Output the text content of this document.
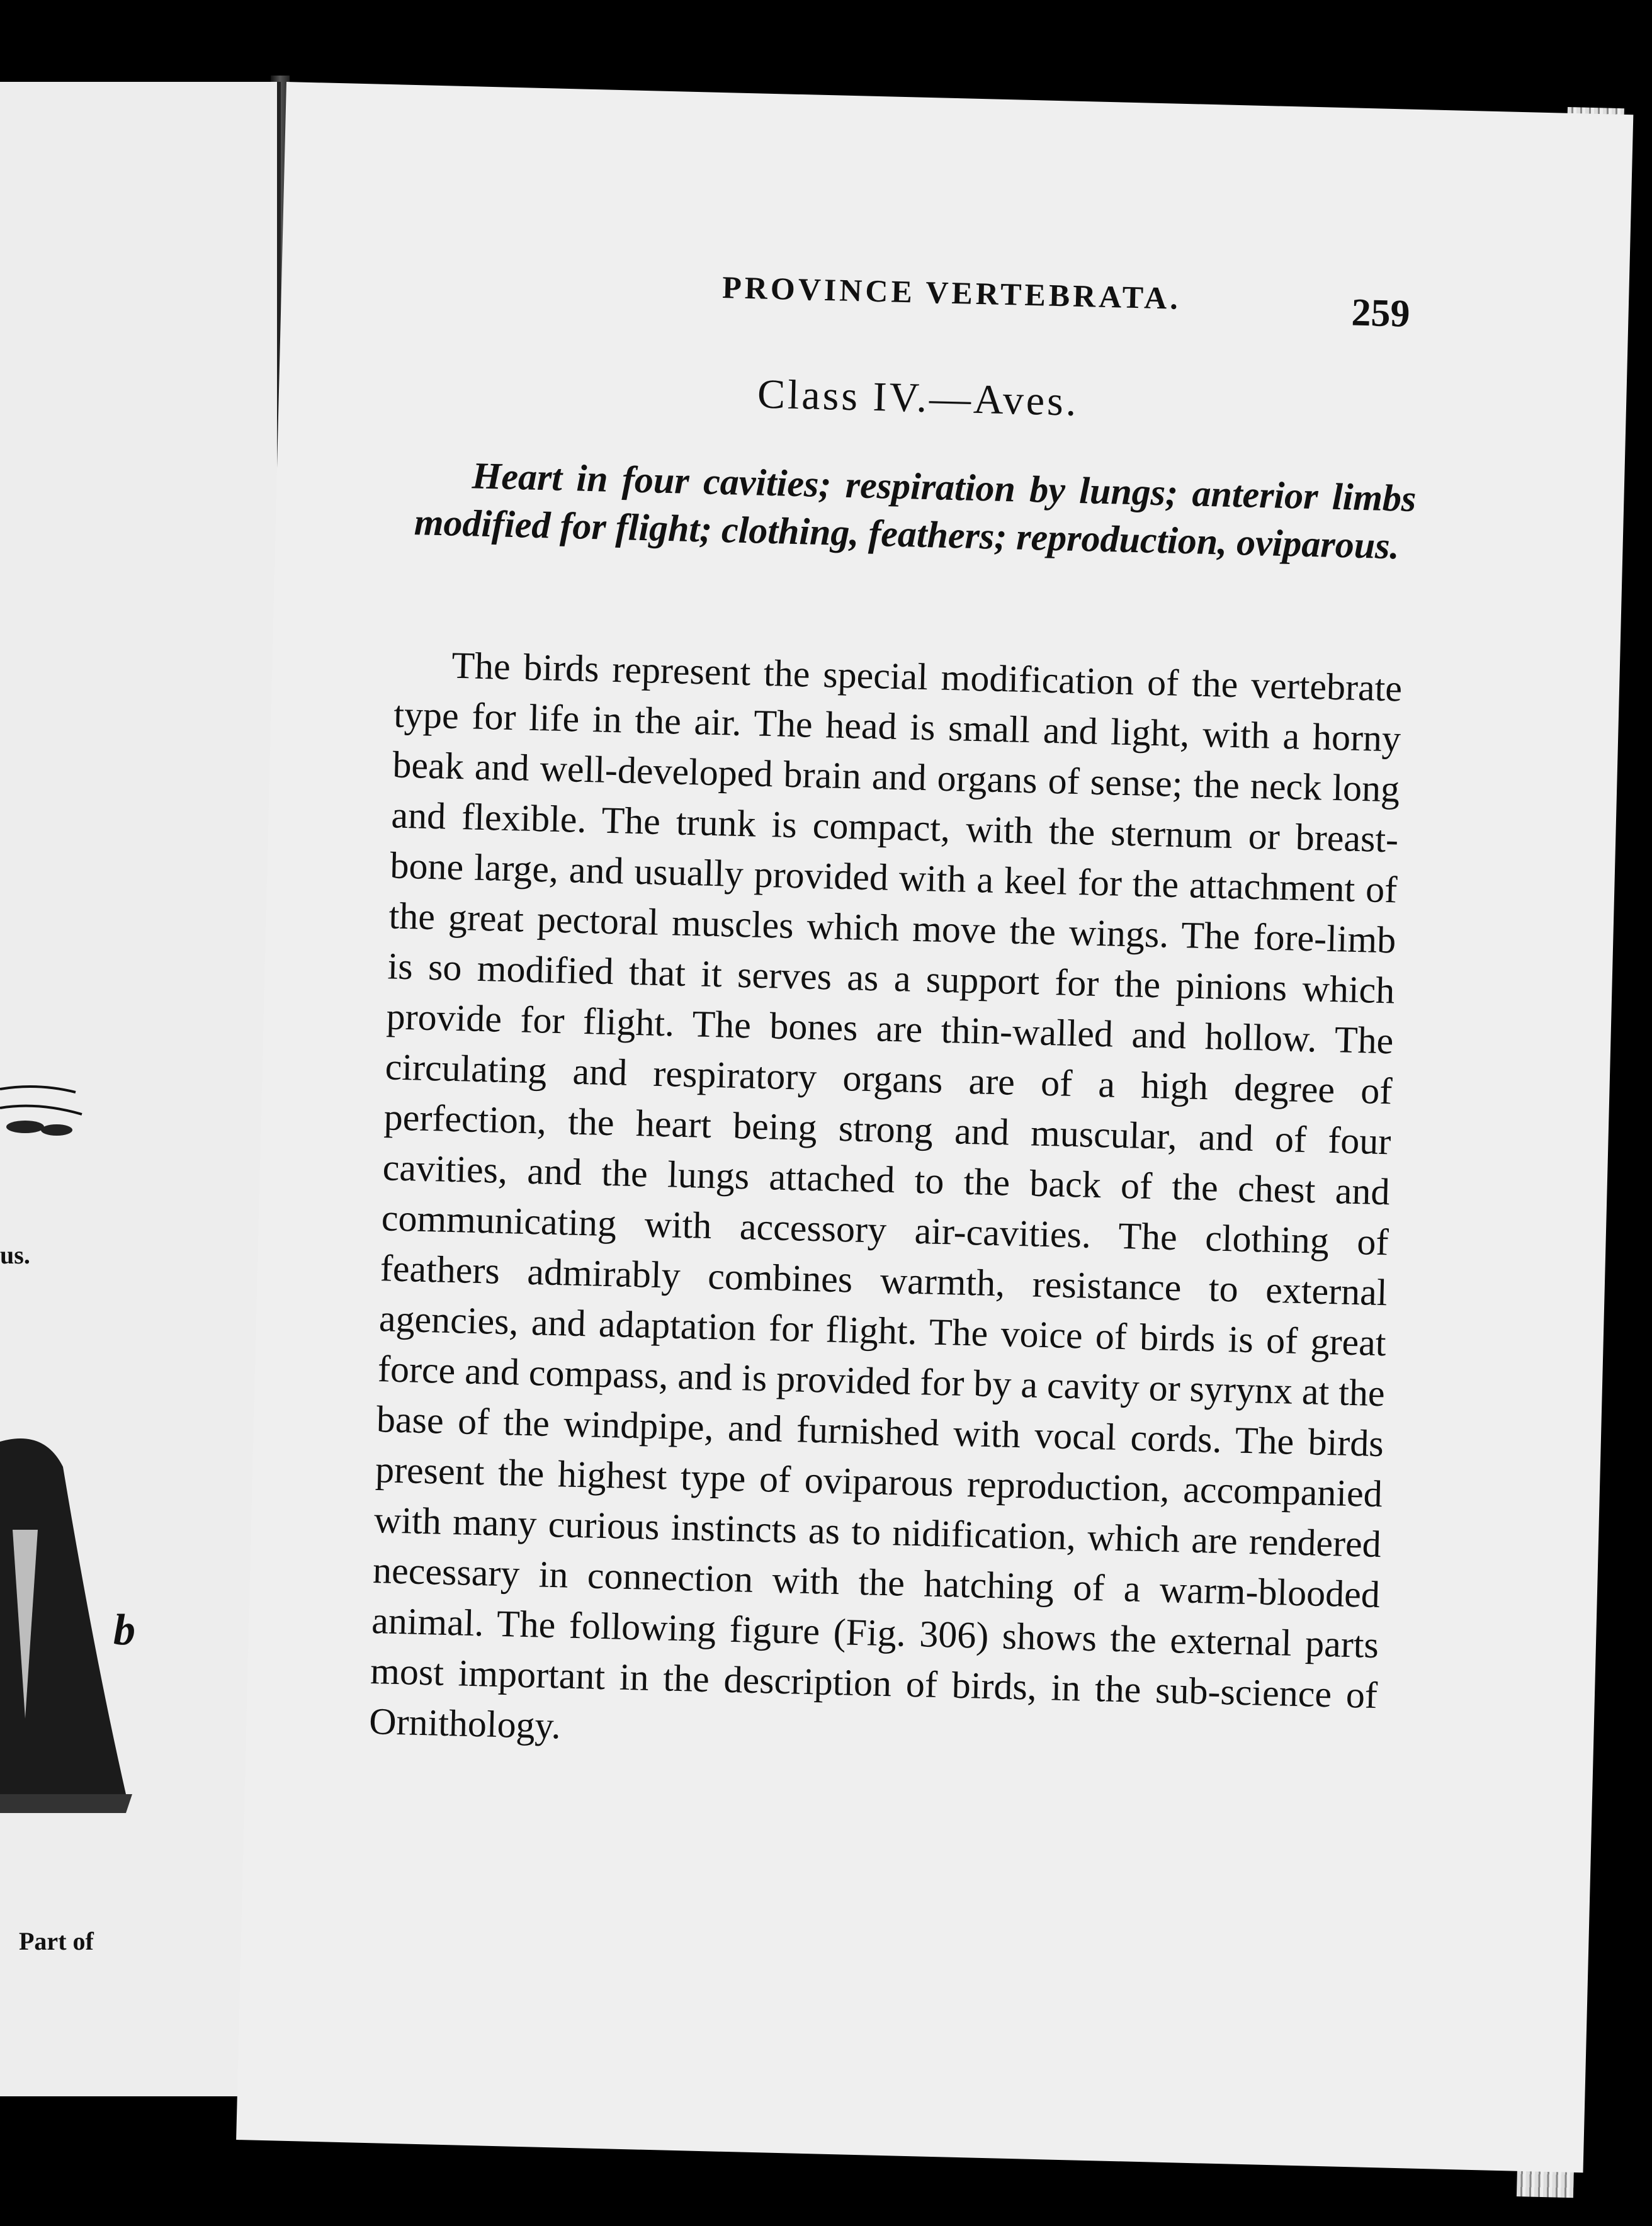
us.
b
Part of
PROVINCE VERTEBRATA.	259
Class IV.—Aves.

Heart in four cavities; respiration by lungs; anterior limbs modified for flight; clothing, feathers; reproduction, oviparous.

The birds represent the special modification of the vertebrate type for life in the air. The head is small and light, with a horny beak and well-developed brain and organs of sense; the neck long and flexible. The trunk is compact, with the sternum or breast-bone large, and usually provided with a keel for the attachment of the great pectoral muscles which move the wings. The fore-limb is so modified that it serves as a support for the pinions which provide for flight. The bones are thin-walled and hollow. The circulating and respiratory organs are of a high degree of perfection, the heart being strong and muscular, and of four cavities, and the lungs attached to the back of the chest and communicating with accessory air-cavities. The clothing of feathers admirably combines warmth, resistance to external agencies, and adaptation for flight. The voice of birds is of great force and compass, and is provided for by a cavity or syrynx at the base of the windpipe, and furnished with vocal cords. The birds present the highest type of oviparous reproduction, accompanied with many curious instincts as to nidification, which are rendered necessary in connection with the hatching of a warm-blooded animal. The following figure (Fig. 306) shows the external parts most important in the description of birds, in the sub-science of Ornithology.
